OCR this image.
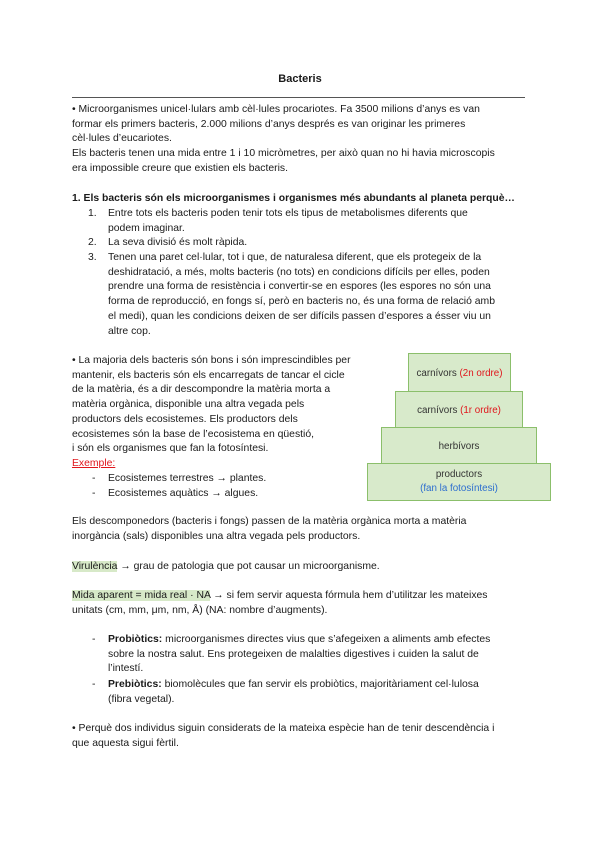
Bacteris
• Microorganismes unicel·lulars amb cèl·lules procariotes. Fa 3500 milions d’anys es van
formar els primers bacteris, 2.000 milions d’anys després es van originar les primeres
cèl·lules d’eucariotes.
Els bacteris tenen una mida entre 1 i 10 micròmetres, per això quan no hi havia microscopis
era impossible creure que existien els bacteris.
1. Els bacteris són els microorganismes i organismes més abundants al planeta perquè…
1. Entre tots els bacteris poden tenir tots els tipus de metabolismes diferents que
podem imaginar.
2. La seva divisió és molt ràpida.
3. Tenen una paret cel·lular, tot i que, de naturalesa diferent, que els protegeix de la
deshidratació, a més, molts bacteris (no tots) en condicions difícils per elles, poden
prendre una forma de resistència i convertir-se en espores (les espores no són una
forma de reproducció, en fongs sí, però en bacteris no, és una forma de relació amb
el medi), quan les condicions deixen de ser difícils passen d’espores a ésser viu un
altre cop.
• La majoria dels bacteris són bons i són imprescindibles per
mantenir, els bacteris són els encarregats de tancar el cicle
de la matèria, és a dir descompondre la matèria morta a
matèria orgànica, disponible una altra vegada pels
productors dels ecosistemes. Els productors dels
ecosistemes són la base de l’ecosistema en qüestió,
i són els organismes que fan la fotosíntesi.
Exemple:
- Ecosistemes terrestres → plantes.
- Ecosistemes aquàtics → algues.
carnívors (2n ordre)
carnívors (1r ordre)
herbívors
productors
(fan la fotosíntesi)
Els descomponedors (bacteris i fongs) passen de la matèria orgànica morta a matèria
inorgància (sals) disponibles una altra vegada pels productors.
Virulència → grau de patologia que pot causar un microorganisme.
Mida aparent = mida real · NA → si fem servir aquesta fórmula hem d’utilitzar les mateixes
unitats (cm, mm, μm, nm, Å) (NA: nombre d’augments).
- Probiòtics: microorganismes directes vius que s’afegeixen a aliments amb efectes
sobre la nostra salut. Ens protegeixen de malalties digestives i cuiden la salut de
l’intestí.
- Prebiòtics: biomolècules que fan servir els probiòtics, majoritàriament cel·lulosa
(fibra vegetal).
• Perquè dos individus siguin considerats de la mateixa espècie han de tenir descendència i
que aquesta sigui fèrtil.
